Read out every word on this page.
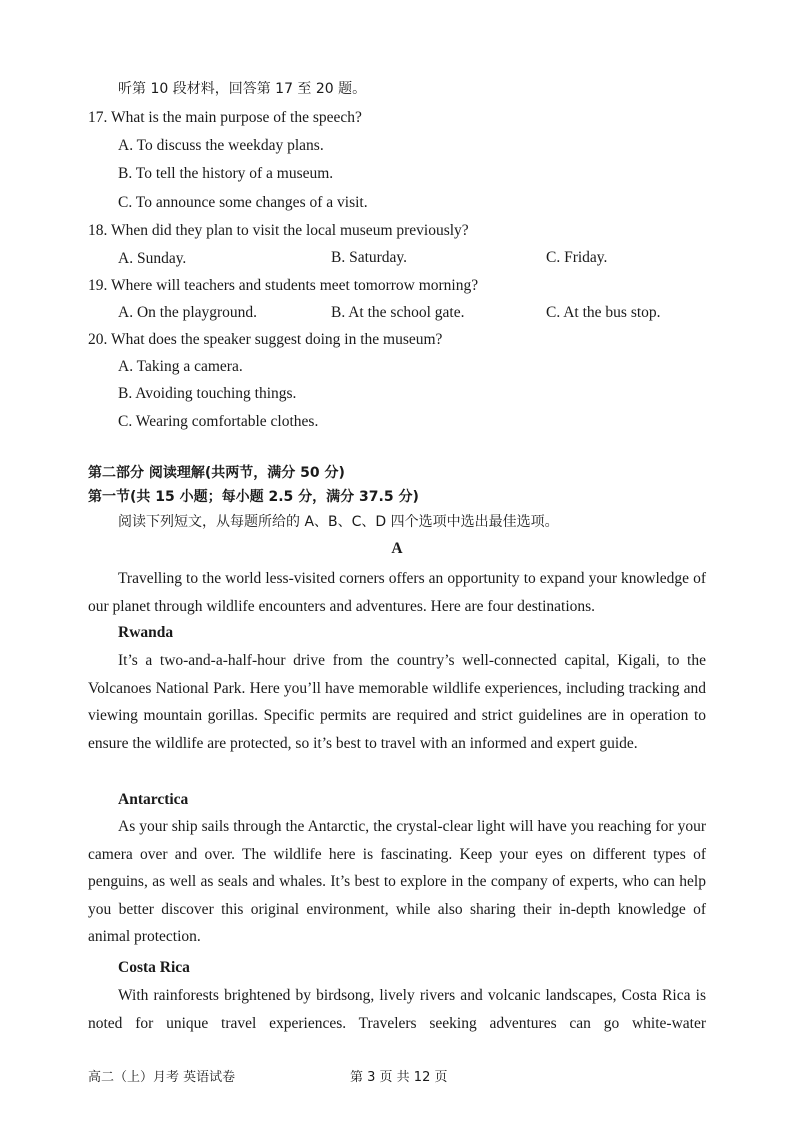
听第 10 段材料，回答第 17 至 20 题。
17. What is the main purpose of the speech?
A. To discuss the weekday plans.
B. To tell the history of a museum.
C. To announce some changes of a visit.
18. When did they plan to visit the local museum previously?
A. Sunday.	B. Saturday.	C. Friday.
19. Where will teachers and students meet tomorrow morning?
A. On the playground.	B. At the school gate.	C. At the bus stop.
20. What does the speaker suggest doing in the museum?
A. Taking a camera.
B. Avoiding touching things.
C. Wearing comfortable clothes.
第二部分 阅读理解(共两节，满分 50 分)
第一节(共 15 小题；每小题 2.5 分，满分 37.5 分)
阅读下列短文，从每题所给的 A、B、C、D 四个选项中选出最佳选项。
A
Travelling to the world less-visited corners offers an opportunity to expand your knowledge of our planet through wildlife encounters and adventures. Here are four destinations.
Rwanda
It’s a two-and-a-half-hour drive from the country’s well-connected capital, Kigali, to the Volcanoes National Park. Here you’ll have memorable wildlife experiences, including tracking and viewing mountain gorillas. Specific permits are required and strict guidelines are in operation to ensure the wildlife are protected, so it’s best to travel with an informed and expert guide.
Antarctica
As your ship sails through the Antarctic, the crystal-clear light will have you reaching for your camera over and over. The wildlife here is fascinating. Keep your eyes on different types of penguins, as well as seals and whales. It’s best to explore in the company of experts, who can help you better discover this original environment, while also sharing their in-depth knowledge of animal protection.
Costa Rica
With rainforests brightened by birdsong, lively rivers and volcanic landscapes, Costa Rica is noted for unique travel experiences. Travelers seeking adventures can go white-water
高二（上）月考 英语试卷	第 3 页 共 12 页
